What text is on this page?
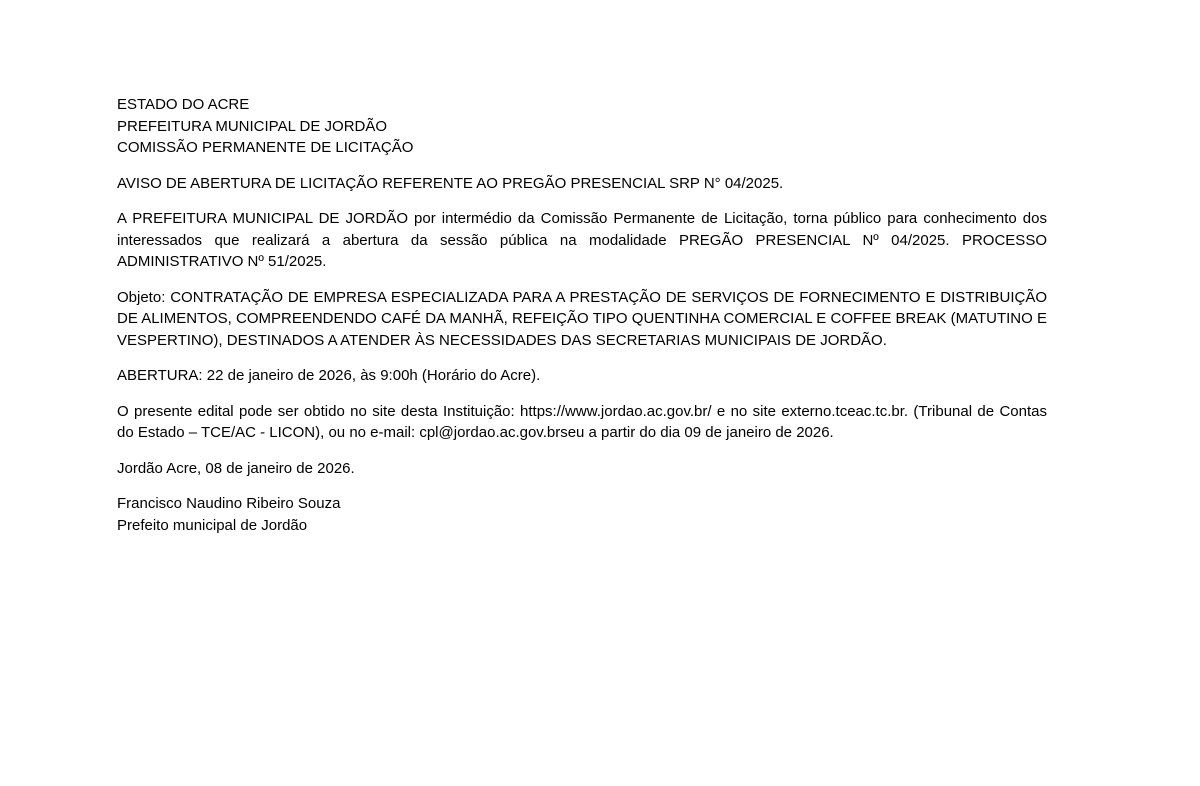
ESTADO DO ACRE
PREFEITURA MUNICIPAL DE JORDÃO
COMISSÃO PERMANENTE DE LICITAÇÃO

AVISO DE ABERTURA DE LICITAÇÃO REFERENTE AO PREGÃO PRESENCIAL SRP N° 04/2025.

A PREFEITURA MUNICIPAL DE JORDÃO por intermédio da Comissão Permanente de Licitação, torna público para conhecimento dos interessados que realizará a abertura da sessão pública na modalidade PREGÃO PRESENCIAL Nº 04/2025. PROCESSO ADMINISTRATIVO Nº 51/2025.

Objeto: CONTRATAÇÃO DE EMPRESA ESPECIALIZADA PARA A PRESTAÇÃO DE SERVIÇOS DE FORNECIMENTO E DISTRIBUIÇÃO DE ALIMENTOS, COMPREENDENDO CAFÉ DA MANHÃ, REFEIÇÃO TIPO QUENTINHA COMERCIAL E COFFEE BREAK (MATUTINO E VESPERTINO), DESTINADOS A ATENDER ÀS NECESSIDADES DAS SECRETARIAS MUNICIPAIS DE JORDÃO.

ABERTURA: 22 de janeiro de 2026, às 9:00h (Horário do Acre).

O presente edital pode ser obtido no site desta Instituição: https://www.jordao.ac.gov.br/ e no site externo.tceac.tc.br. (Tribunal de Contas do Estado – TCE/AC - LICON), ou no e-mail: cpl@jordao.ac.gov.brseu a partir do dia 09 de janeiro de 2026.

Jordão Acre, 08 de janeiro de 2026.

Francisco Naudino Ribeiro Souza
Prefeito municipal de Jordão
